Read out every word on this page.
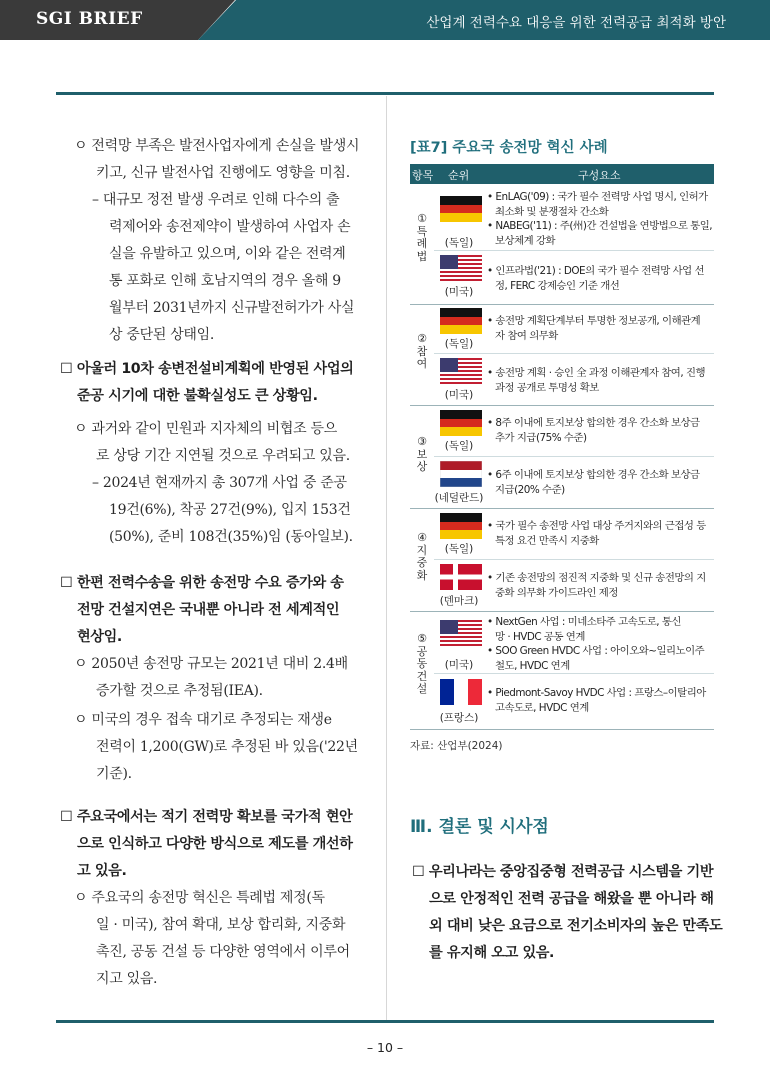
SGI BRIEF	산업계 전력수요 대응을 위한 전력공급 최적화 방안
ㅇ 전력망 부족은 발전사업자에게 손실을 발생시
키고, 신규 발전사업 진행에도 영향을 미침.
– 대규모 정전 발생 우려로 인해 다수의 출
력제어와 송전제약이 발생하여 사업자 손
실을 유발하고 있으며, 이와 같은 전력계
통 포화로 인해 호남지역의 경우 올해 9
월부터 2031년까지 신규발전허가가 사실
상 중단된 상태임.
☐ 아울러 10차 송변전설비계획에 반영된 사업의
준공 시기에 대한 불확실성도 큰 상황임.
ㅇ 과거와 같이 민원과 지자체의 비협조 등으
로 상당 기간 지연될 것으로 우려되고 있음.
– 2024년 현재까지 총 307개 사업 중 준공
19건(6%), 착공 27건(9%), 입지 153건
(50%), 준비 108건(35%)임 (동아일보).
☐ 한편 전력수송을 위한 송전망 수요 증가와 송
전망 건설지연은 국내뿐 아니라 전 세계적인
현상임.
ㅇ 2050년 송전망 규모는 2021년 대비 2.4배
증가할 것으로 추정됨(IEA).
ㅇ 미국의 경우 접속 대기로 추정되는 재생e
전력이 1,200(GW)로 추정된 바 있음('22년
기준).
☐ 주요국에서는 적기 전력망 확보를 국가적 현안
으로 인식하고 다양한 방식으로 제도를 개선하
고 있음.
ㅇ 주요국의 송전망 혁신은 특례법 제정(독
일 · 미국), 참여 확대, 보상 합리화, 지중화
촉진, 공동 건설 등 다양한 영역에서 이루어
지고 있음.
[표7] 주요국 송전망 혁신 사례
항목 순위	구성요소
① 특 례 법
② 참 여
③ 보 상
④ 지 중 화
⑤ 공 동 건 설
(독일)
(미국)
(독일)
(미국)
(독일)
(네덜란드)
(독일)
(덴마크)
(미국)
(프랑스)
• EnLAG('09) : 국가 필수 전력망 사업 명시, 인허가
최소화 및 분쟁절차 간소화
• NABEG('11) : 주(州)간 건설법을 연방법으로 통일,
보상체계 강화
• 인프라법('21) : DOE의 국가 필수 전력망 사업 선
정, FERC 강제승인 기준 개선
• 송전망 계획단계부터 투명한 정보공개, 이해관계
자 참여 의무화
• 송전망 계획 · 승인 全 과정 이해관계자 참여, 진행
과정 공개로 투명성 확보
• 8주 이내에 토지보상 합의한 경우 간소화 보상금
추가 지급(75% 수준)
• 6주 이내에 토지보상 합의한 경우 간소화 보상금
지급(20% 수준)
• 국가 필수 송전망 사업 대상 주거지와의 근접성 등
특정 요건 만족시 지중화
• 기존 송전망의 점진적 지중화 및 신규 송전망의 지
중화 의무화 가이드라인 제정
• NextGen 사업 : 미네소타주 고속도로, 통신
망 · HVDC 공동 연계
• SOO Green HVDC 사업 : 아이오와~일리노이주
철도, HVDC 연계
• Piedmont-Savoy HVDC 사업 : 프랑스–이탈리아
고속도로, HVDC 연계
자료: 산업부(2024)
Ⅲ. 결론 및 시사점
☐ 우리나라는 중앙집중형 전력공급 시스템을 기반
으로 안정적인 전력 공급을 해왔을 뿐 아니라 해
외 대비 낮은 요금으로 전기소비자의 높은 만족도
를 유지해 오고 있음.
– 10 –
